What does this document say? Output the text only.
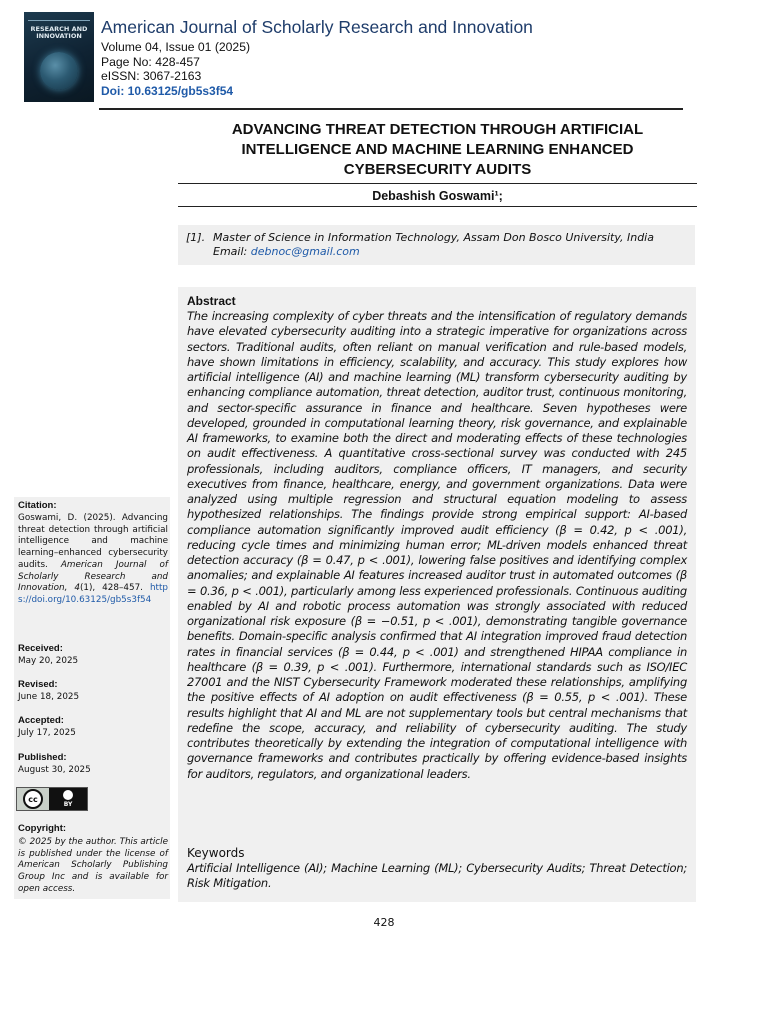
RESEARCH AND INNOVATION	American Journal of Scholarly Research and Innovation
Volume 04, Issue 01 (2025)
Page No: 428-457
eISSN: 3067-2163
Doi: 10.63125/gb5s3f54
ADVANCING THREAT DETECTION THROUGH ARTIFICIAL INTELLIGENCE AND MACHINE LEARNING ENHANCED CYBERSECURITY AUDITS
Debashish Goswami¹;
[1]. Master of Science in Information Technology, Assam Don Bosco University, India
Email: debnoc@gmail.com
Abstract
The increasing complexity of cyber threats and the intensification of regulatory demands have elevated cybersecurity auditing into a strategic imperative for organizations across sectors. Traditional audits, often reliant on manual verification and rule-based models, have shown limitations in efficiency, scalability, and accuracy. This study explores how artificial intelligence (AI) and machine learning (ML) transform cybersecurity auditing by enhancing compliance automation, threat detection, auditor trust, continuous monitoring, and sector-specific assurance in finance and healthcare. Seven hypotheses were developed, grounded in computational learning theory, risk governance, and explainable AI frameworks, to examine both the direct and moderating effects of these technologies on audit effectiveness. A quantitative cross-sectional survey was conducted with 245 professionals, including auditors, compliance officers, IT managers, and security executives from finance, healthcare, energy, and government organizations. Data were analyzed using multiple regression and structural equation modeling to assess hypothesized relationships. The findings provide strong empirical support: AI-based compliance automation significantly improved audit efficiency (β = 0.42, p < .001), reducing cycle times and minimizing human error; ML-driven models enhanced threat detection accuracy (β = 0.47, p < .001), lowering false positives and identifying complex anomalies; and explainable AI features increased auditor trust in automated outcomes (β = 0.36, p < .001), particularly among less experienced professionals. Continuous auditing enabled by AI and robotic process automation was strongly associated with reduced organizational risk exposure (β = −0.51, p < .001), demonstrating tangible governance benefits. Domain-specific analysis confirmed that AI integration improved fraud detection rates in financial services (β = 0.44, p < .001) and strengthened HIPAA compliance in healthcare (β = 0.39, p < .001). Furthermore, international standards such as ISO/IEC 27001 and the NIST Cybersecurity Framework moderated these relationships, amplifying the positive effects of AI adoption on audit effectiveness (β = 0.55, p < .001). These results highlight that AI and ML are not supplementary tools but central mechanisms that redefine the scope, accuracy, and reliability of cybersecurity auditing. The study contributes theoretically by extending the integration of computational intelligence with governance frameworks and contributes practically by offering evidence-based insights for auditors, regulators, and organizational leaders.
Keywords
Artificial Intelligence (AI); Machine Learning (ML); Cybersecurity Audits; Threat Detection; Risk Mitigation.
Citation:
Goswami, D. (2025). Advancing threat detection through artificial intelligence and machine learning–enhanced cybersecurity audits. American Journal of Scholarly Research and Innovation, 4(1), 428–457. https://doi.org/10.63125/gb5s3f54
Received:
May 20, 2025
Revised:
June 18, 2025
Accepted:
July 17, 2025
Published:
August 30, 2025
cc
BY
Copyright:
© 2025 by the author. This article is published under the license of American Scholarly Publishing Group Inc and is available for open access.
428
